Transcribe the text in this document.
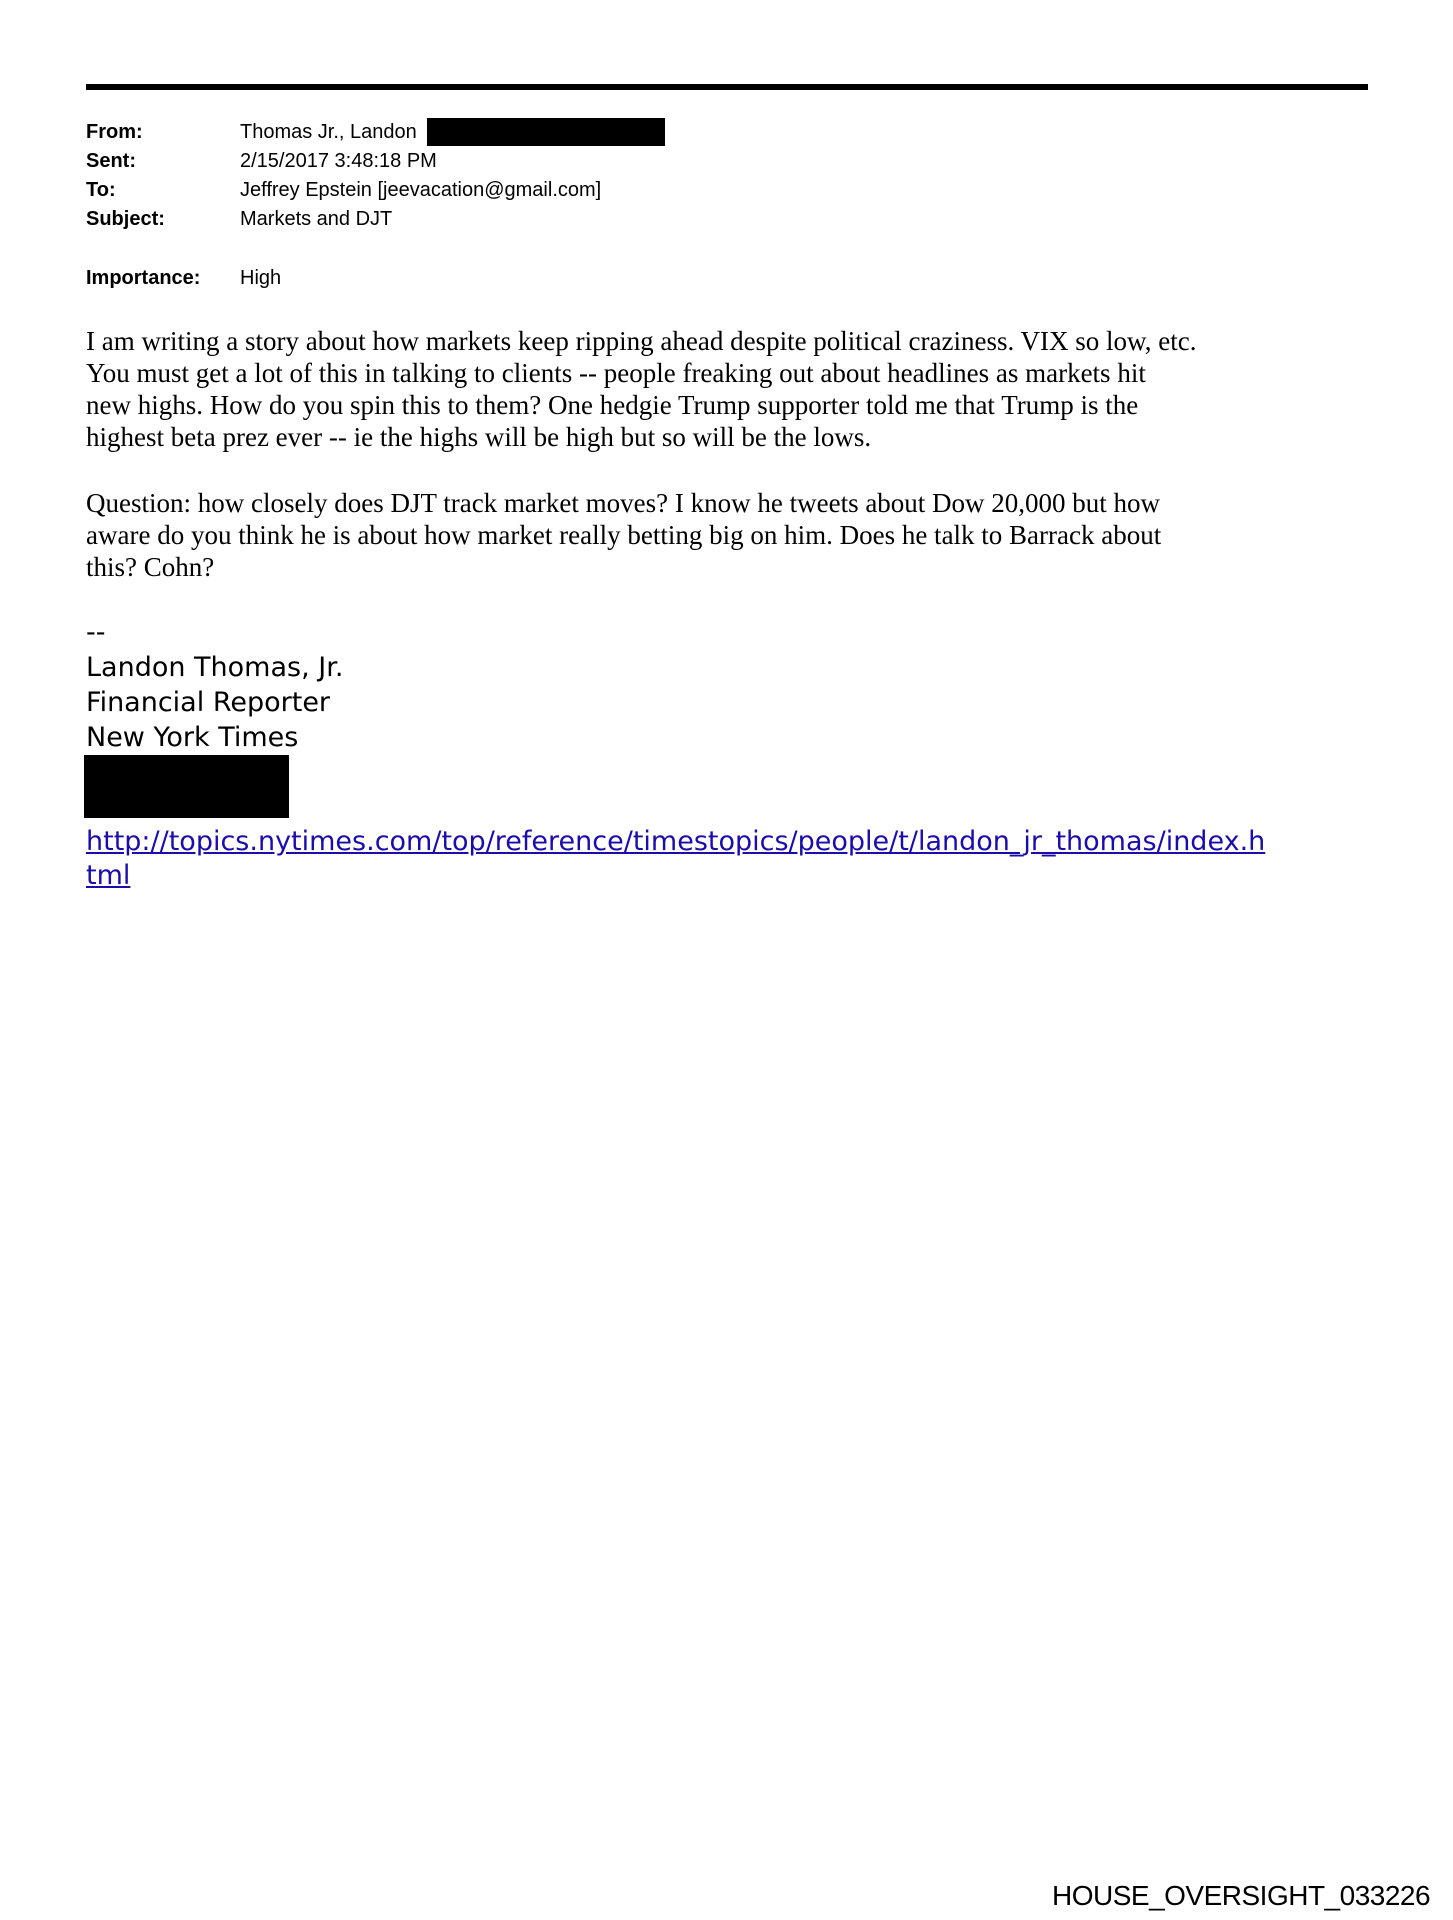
From:	Thomas Jr., Landon
Sent:	2/15/2017 3:48:18 PM
To:	Jeffrey Epstein [jeevacation@gmail.com]
Subject:	Markets and DJT
Importance: High
I am writing a story about how markets keep ripping ahead despite political craziness. VIX so low, etc.
You must get a lot of this in talking to clients -- people freaking out about headlines as markets hit
new highs. How do you spin this to them? One hedgie Trump supporter told me that Trump is the
highest beta prez ever -- ie the highs will be high but so will be the lows.
Question: how closely does DJT track market moves? I know he tweets about Dow 20,000 but how
aware do you think he is about how market really betting big on him. Does he talk to Barrack about
this? Cohn?
--
Landon Thomas, Jr.
Financial Reporter
New York Times
http://topics.nytimes.com/top/reference/timestopics/people/t/landon_jr_thomas/index.h
tml
HOUSE_OVERSIGHT_033226
